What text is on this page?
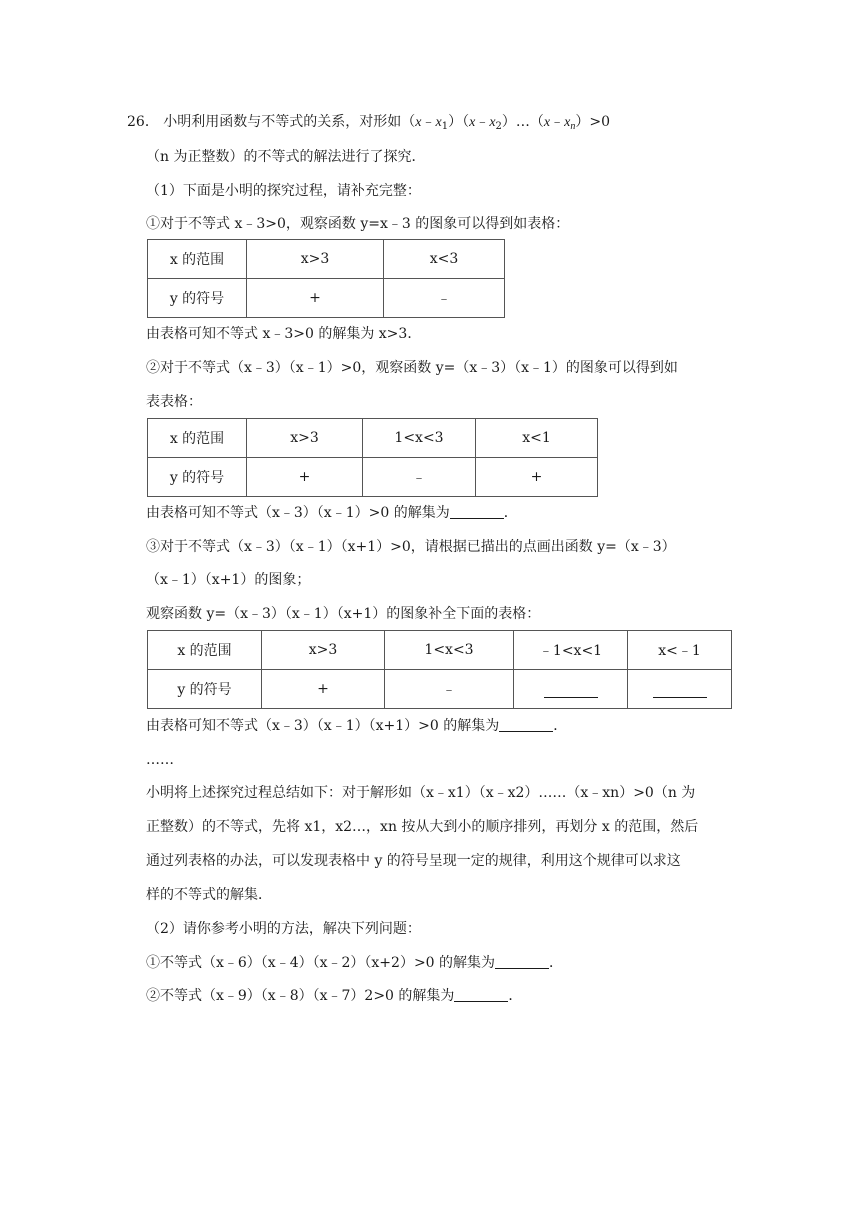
26． 小明利用函数与不等式的关系，对形如$(x﹣x_1)(x﹣x_2)\dots(x﹣x_n)>0$
（n 为正整数）的不等式的解法进行了探究．
（1）下面是小明的探究过程，请补充完整：
①对于不等式 x﹣3>0，观察函数 y=x﹣3 的图象可以得到如表格：
x 的范围	x>3	x<3
y 的符号	+	﹣
由表格可知不等式 x﹣3>0 的解集为 x>3．
②对于不等式（x﹣3）（x﹣1）>0，观察函数 y=（x﹣3）（x﹣1）的图象可以得到如
表表格：
x 的范围	x>3	1<x<3	x<1
y 的符号	+	﹣	+
由表格可知不等式（x﹣3）（x﹣1）>0 的解集为	．
③对于不等式（x﹣3）（x﹣1）（x+1）>0，请根据已描出的点画出函数 y=（x﹣3）
（x﹣1）（x+1）的图象；
观察函数 y=（x﹣3）（x﹣1）（x+1）的图象补全下面的表格：
x 的范围	x>3	1<x<3	﹣1<x<1	x<﹣1
y 的符号	+	﹣		
由表格可知不等式（x﹣3）（x﹣1）（x+1）>0 的解集为	．
……
小明将上述探究过程总结如下：对于解形如（x﹣x1）（x﹣x2）……（x﹣xn）>0（n 为
正整数）的不等式，先将 x1，x2…，xn 按从大到小的顺序排列，再划分 x 的范围，然后
通过列表格的办法，可以发现表格中 y 的符号呈现一定的规律，利用这个规律可以求这
样的不等式的解集．
（2）请你参考小明的方法，解决下列问题：
①不等式（x﹣6）（x﹣4）（x﹣2）（x+2）>0 的解集为	．
②不等式（x﹣9）（x﹣8）（x﹣7）2>0 的解集为	．
